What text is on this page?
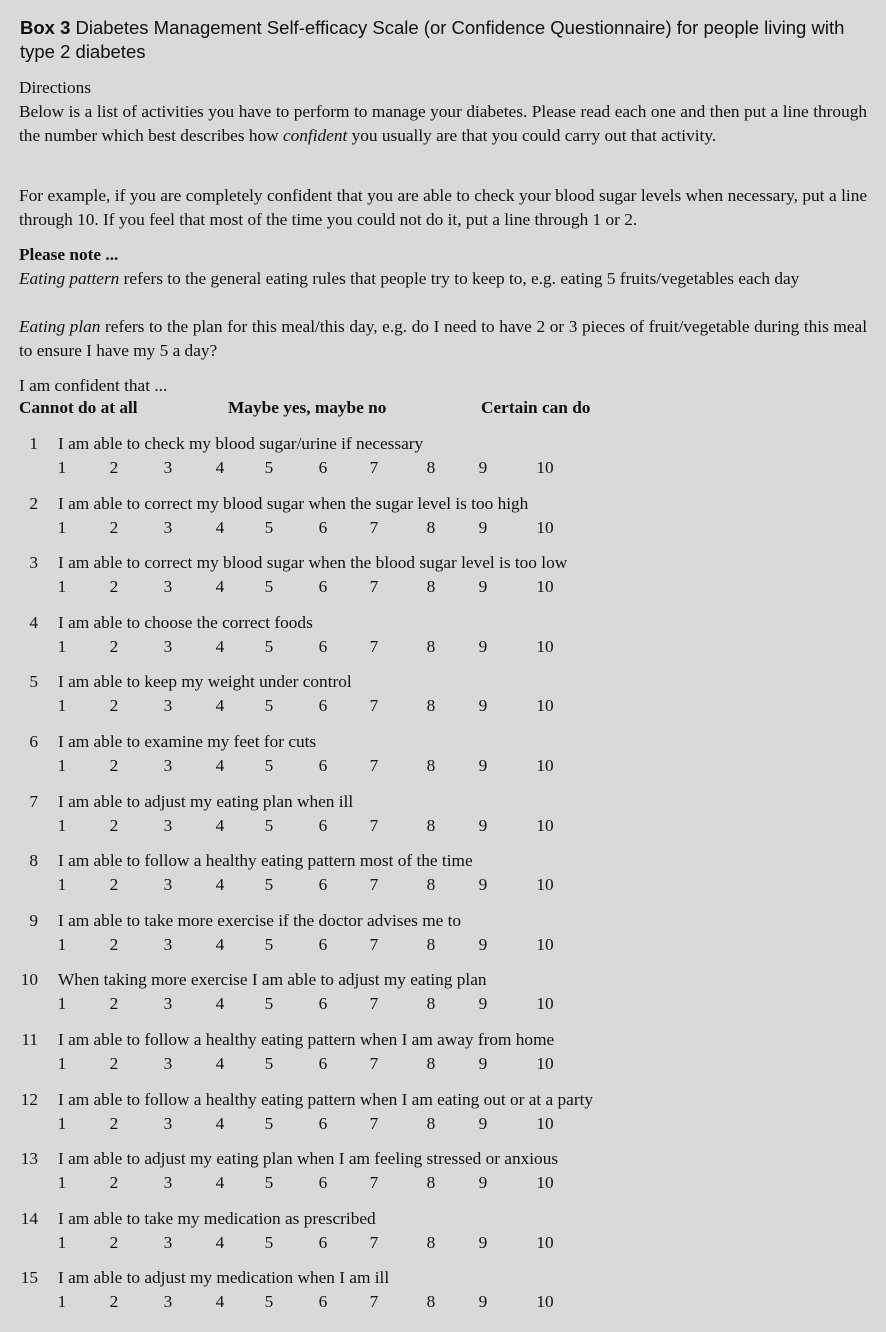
Box 3 Diabetes Management Self-efficacy Scale (or Confidence Questionnaire) for people living with type 2 diabetes
Directions

Below is a list of activities you have to perform to manage your diabetes. Please read each one and then put a line through the number which best describes how confident you usually are that you could carry out that activity.

For example, if you are completely confident that you are able to check your blood sugar levels when necessary, put a line through 10. If you feel that most of the time you could not do it, put a line through 1 or 2.

Please note ...

Eating pattern refers to the general eating rules that people try to keep to, e.g. eating 5 fruits/vegetables each day

Eating plan refers to the plan for this meal/this day, e.g. do I need to have 2 or 3 pieces of fruit/vegetable during this meal to ensure I have my 5 a day?

I am confident that ...
Cannot do at all	Maybe yes, maybe no	Certain can do
1 I am able to check my blood sugar/urine if necessary
1	2	3	4	5	6	7	8	9	10
2 I am able to correct my blood sugar when the sugar level is too high
1	2	3	4	5	6	7	8	9	10
3 I am able to correct my blood sugar when the blood sugar level is too low
1	2	3	4	5	6	7	8	9	10
4 I am able to choose the correct foods
1	2	3	4	5	6	7	8	9	10
5 I am able to keep my weight under control
1	2	3	4	5	6	7	8	9	10
6 I am able to examine my feet for cuts
1	2	3	4	5	6	7	8	9	10
7 I am able to adjust my eating plan when ill
1	2	3	4	5	6	7	8	9	10
8 I am able to follow a healthy eating pattern most of the time
1	2	3	4	5	6	7	8	9	10
9 I am able to take more exercise if the doctor advises me to
1	2	3	4	5	6	7	8	9	10
10 When taking more exercise I am able to adjust my eating plan
1	2	3	4	5	6	7	8	9	10
11 I am able to follow a healthy eating pattern when I am away from home
1	2	3	4	5	6	7	8	9	10
12 I am able to follow a healthy eating pattern when I am eating out or at a party
1	2	3	4	5	6	7	8	9	10
13 I am able to adjust my eating plan when I am feeling stressed or anxious
1	2	3	4	5	6	7	8	9	10
14 I am able to take my medication as prescribed
1	2	3	4	5	6	7	8	9	10
15 I am able to adjust my medication when I am ill
1	2	3	4	5	6	7	8	9	10
